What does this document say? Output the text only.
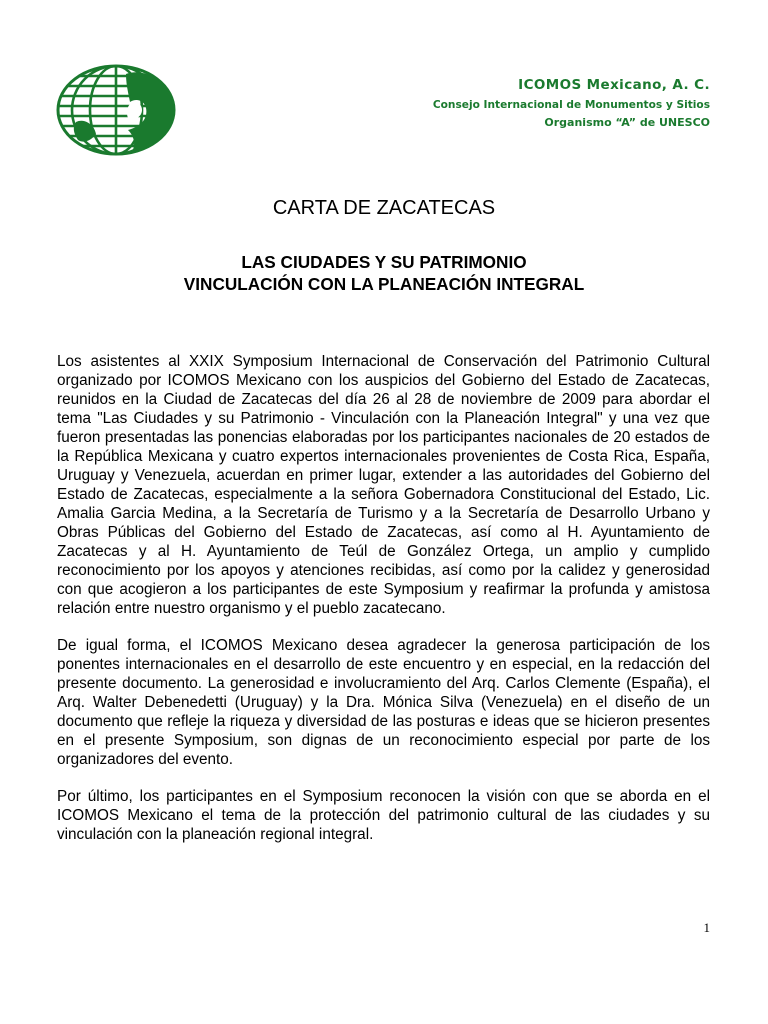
ICOMOS Mexicano, A. C.
Consejo Internacional de Monumentos y Sitios
Organismo “A” de UNESCO
CARTA DE ZACATECAS
LAS CIUDADES Y SU PATRIMONIO
VINCULACIÓN CON LA PLANEACIÓN INTEGRAL

Los asistentes al XXIX Symposium Internacional de Conservación del Patrimonio Cultural organizado por ICOMOS Mexicano con los auspicios del Gobierno del Estado de Zacatecas, reunidos en la Ciudad de Zacatecas del día 26 al 28 de noviembre de 2009 para abordar el tema "Las Ciudades y su Patrimonio - Vinculación con la Planeación Integral" y una vez que fueron presentadas las ponencias elaboradas por los participantes nacionales de 20 estados de la República Mexicana y cuatro expertos internacionales provenientes de Costa Rica, España, Uruguay y Venezuela, acuerdan en primer lugar, extender a las autoridades del Gobierno del Estado de Zacatecas, especialmente a la señora Gobernadora Constitucional del Estado, Lic. Amalia Garcia Medina, a la Secretaría de Turismo y a la Secretaría de Desarrollo Urbano y Obras Públicas del Gobierno del Estado de Zacatecas, así como al H. Ayuntamiento de Zacatecas y al H. Ayuntamiento de Teúl de González Ortega, un amplio y cumplido reconocimiento por los apoyos y atenciones recibidas, así como por la calidez y generosidad con que acogieron a los participantes de este Symposium y reafirmar la profunda y amistosa relación entre nuestro organismo y el pueblo zacatecano.

De igual forma, el ICOMOS Mexicano desea agradecer la generosa participación de los ponentes internacionales en el desarrollo de este encuentro y en especial, en la redacción del presente documento. La generosidad e involucramiento del Arq. Carlos Clemente (España), el Arq. Walter Debenedetti (Uruguay) y la Dra. Mónica Silva (Venezuela) en el diseño de un documento que refleje la riqueza y diversidad de las posturas e ideas que se hicieron presentes en el presente Symposium, son dignas de un reconocimiento especial por parte de los organizadores del evento.

Por último, los participantes en el Symposium reconocen la visión con que se aborda en el ICOMOS Mexicano el tema de la protección del patrimonio cultural de las ciudades y su vinculación con la planeación regional integral.

1
